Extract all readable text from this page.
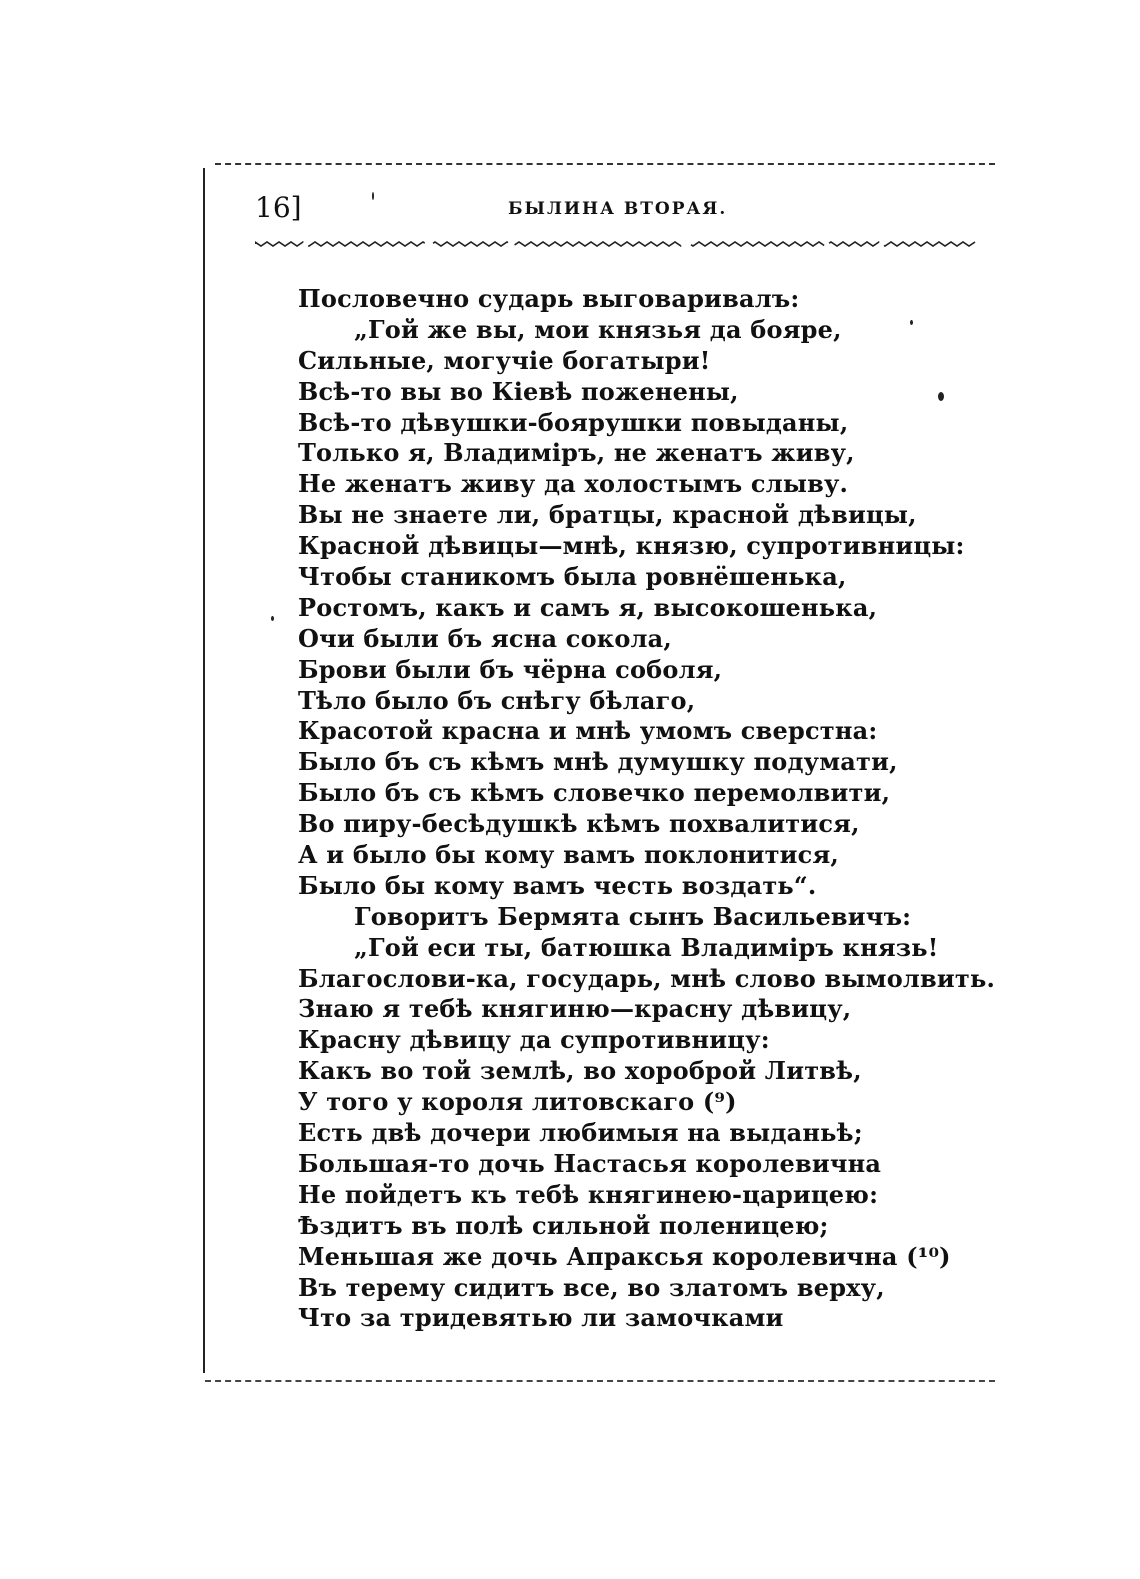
16]	БЫЛИНА ВТОРАЯ.
Пословечно сударь выговаривалъ:
„Гой же вы, мои князья да бояре,
Сильные, могучiе богатыри!
Всѣ-то вы во Кiевѣ поженены,
Всѣ-то дѣвушки-боярушки повыданы,
Только я, Владимiръ, не женатъ живу,
Не женатъ живу да холостымъ слыву.
Вы не знаете ли, братцы, красной дѣвицы,
Красной дѣвицы—мнѣ, князю, супротивницы:
Чтобы станикомъ была ровнёшенька,
Ростомъ, какъ и самъ я, высокошенька,
Очи были бъ ясна сокола,
Брови были бъ чёрна соболя,
Тѣло было бъ снѣгу бѣлаго,
Красотой красна и мнѣ умомъ сверстна:
Было бъ съ кѣмъ мнѣ думушку подумати,
Было бъ съ кѣмъ словечко перемолвити,
Во пиру-бесѣдушкѣ кѣмъ похвалитися,
А и было бы кому вамъ поклонитися,
Было бы кому вамъ честь воздать“.
Говоритъ Бермята сынъ Васильевичъ:
„Гой еси ты, батюшка Владимiръ князь!
Благослови-ка, государь, мнѣ слово вымолвить.
Знаю я тебѣ княгиню—красну дѣвицу,
Красну дѣвицу да супротивницу:
Какъ во той землѣ, во хороброй Литвѣ,
У того у короля литовскаго (⁹)
Есть двѣ дочери любимыя на выданьѣ;
Большая-то дочь Настасья королевична
Не пойдетъ къ тебѣ княгинею-царицею:
Ѣздитъ въ полѣ сильной поленицею;
Меньшая же дочь Апраксья королевична (¹⁰)
Въ терему сидитъ все, во златомъ верху,
Что за тридевятью ли замочками
